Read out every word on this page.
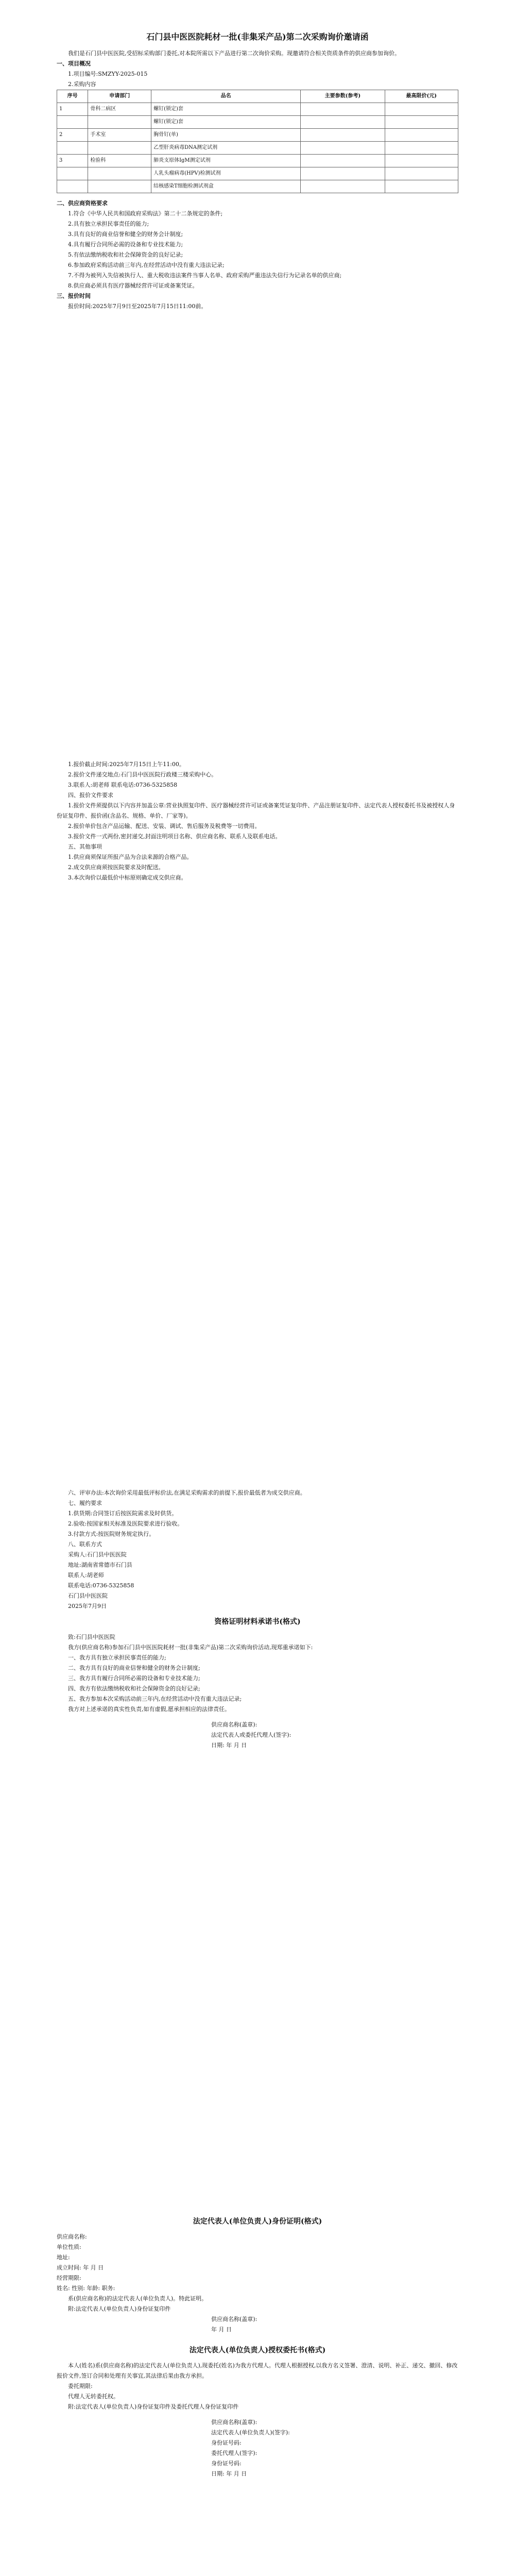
石门县中医医院耗材一批(非集采产品)第二次采购询价邀请函

我们是石门县中医医院,受招标采购部门委托,对本院所需以下产品进行第二次询价采购。现邀请符合相关资质条件的供应商参加询价。

一、项目概况

1.项目编号:SMZYY-2025-015

2.采购内容

序号	申请部门	品名	主要参数(参考)	最高限价(元)
1	骨科二病区	螺钉(锁定)套		
		螺钉(锁定)套		
2	手术室	胸骨钉(单)		
		乙型肝炎病毒DNA测定试剂		
3	检验科	肺炎支原体IgM测定试剂		
		人乳头瘤病毒(HPV)检测试剂		
		结核感染T细胞检测试剂盒		

二、供应商资格要求

1.符合《中华人民共和国政府采购法》第二十二条规定的条件;

2.具有独立承担民事责任的能力;

3.具有良好的商业信誉和健全的财务会计制度;

4.具有履行合同所必需的设备和专业技术能力;

5.有依法缴纳税收和社会保障资金的良好记录;

6.参加政府采购活动前三年内,在经营活动中没有重大违法记录;

7.不得为被列入失信被执行人、重大税收违法案件当事人名单、政府采购严重违法失信行为记录名单的供应商;

8.供应商必须具有医疗器械经营许可证或备案凭证。

三、报价时间

报价时间:2025年7月9日至2025年7月15日11:00前。

1.报价截止时间:2025年7月15日上午11:00。

2.报价文件递交地点:石门县中医医院行政楼三楼采购中心。

3.联系人:胡老师 联系电话:0736-5325858

四、报价文件要求

1.报价文件须提供以下内容并加盖公章:营业执照复印件、医疗器械经营许可证或备案凭证复印件、产品注册证复印件、法定代表人授权委托书及被授权人身份证复印件、报价函(含品名、规格、单价、厂家等)。

2.报价单价包含产品运输、配送、安装、调试、售后服务及税费等一切费用。

3.报价文件一式两份,密封递交,封面注明项目名称、供应商名称、联系人及联系电话。

五、其他事项

1.供应商须保证所报产品为合法来源的合格产品。

2.成交供应商须按医院要求及时配送。

3.本次询价以最低价中标原则确定成交供应商。

六、评审办法:本次询价采用最低评标价法,在满足采购需求的前提下,报价最低者为成交供应商。

七、履约要求

1.供货期:合同签订后按医院需求及时供货。

2.验收:按国家相关标准及医院要求进行验收。

3.付款方式:按医院财务规定执行。

八、联系方式

采购人:石门县中医医院

地址:湖南省常德市石门县

联系人:胡老师

联系电话:0736-5325858

石门县中医医院

2025年7月9日

资格证明材料承诺书(格式)

致:石门县中医医院

我方(供应商名称)参加石门县中医医院耗材一批(非集采产品)第二次采购询价活动,现郑重承诺如下:

一、我方具有独立承担民事责任的能力;

二、我方具有良好的商业信誉和健全的财务会计制度;

三、我方具有履行合同所必需的设备和专业技术能力;

四、我方有依法缴纳税收和社会保障资金的良好记录;

五、我方参加本次采购活动前三年内,在经营活动中没有重大违法记录;

我方对上述承诺的真实性负责,如有虚假,愿承担相应的法律责任。

供应商名称(盖章):

法定代表人或委托代理人(签字):

日期: 年 月 日

法定代表人(单位负责人)身份证明(格式)

供应商名称:

单位性质:

地址:

成立时间: 年 月 日

经营期限:

姓名: 性别: 年龄: 职务:

系(供应商名称)的法定代表人(单位负责人)。特此证明。

附:法定代表人(单位负责人)身份证复印件

供应商名称(盖章):

年 月 日

法定代表人(单位负责人)授权委托书(格式)

本人(姓名)系(供应商名称)的法定代表人(单位负责人),现委托(姓名)为我方代理人。代理人根据授权,以我方名义签署、澄清、说明、补正、递交、撤回、修改报价文件,签订合同和处理有关事宜,其法律后果由我方承担。

委托期限:

代理人无转委托权。

附:法定代表人(单位负责人)身份证复印件及委托代理人身份证复印件

供应商名称(盖章):

法定代表人(单位负责人)(签字):

身份证号码:

委托代理人(签字):

身份证号码:

日期: 年 月 日
